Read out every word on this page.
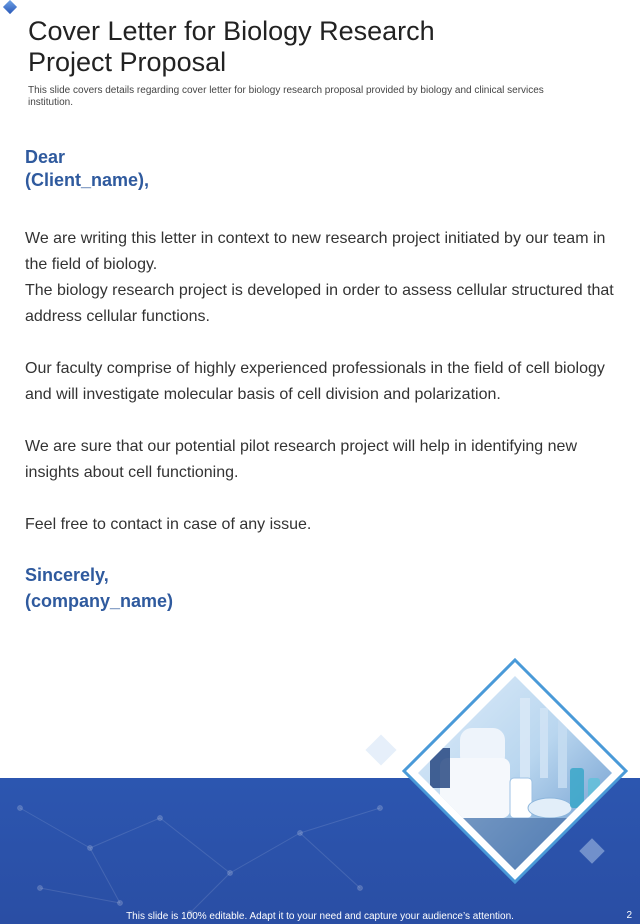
Cover Letter for Biology Research
Project Proposal

This slide covers details regarding cover letter for biology research proposal provided by biology and clinical services institution.

Dear
(Client_name),

We are writing this letter in context to new research project initiated by our team in the field of biology.

The biology research project is developed in order to assess cellular structured that address cellular functions.

Our faculty comprise of highly experienced professionals in the field of cell biology and will investigate molecular basis of cell division and polarization.

We are sure that our potential pilot research project will help in identifying new insights about cell functioning.

Feel free to contact in case of any issue.

Sincerely,
(company_name)
This slide is 100% editable. Adapt it to your need and capture your audience’s attention.	2
